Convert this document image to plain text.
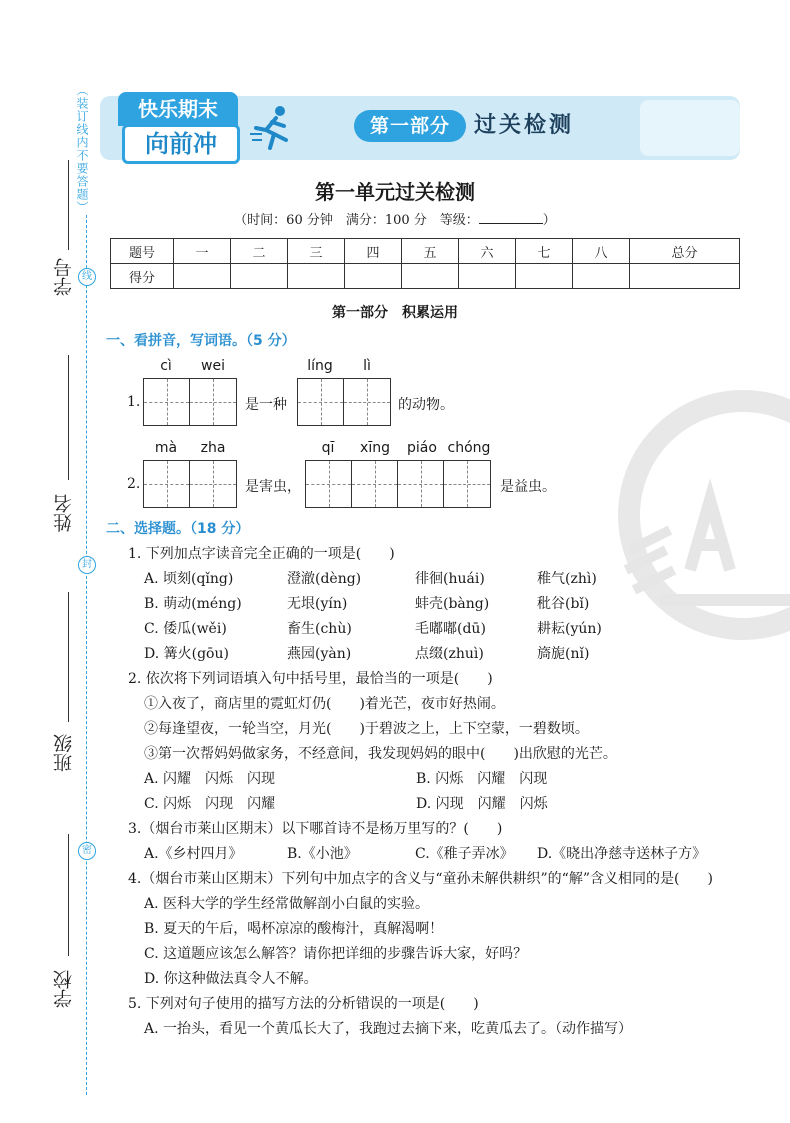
快乐期末
向前冲
第一部分	过关检测
（装订线内不要答题）
线
封
密
学号
姓名
班级
学校
第一单元过关检测
（时间：60 分钟　满分：100 分　等级：	）
题号	一	二	三	四	五	六	七	八	总分
得分									
第一部分　积累运用
一、看拼音，写词语。（5 分）
cì	wei	líng	lì
1.	是一种	的动物。
mà	zha	qī	xīng	piáo chóng
2.	是害虫，	是益虫。
二、选择题。（18 分）
1. 下列加点字读音完全正确的一项是(　　)
A. 顷刻(qǐng)	澄澈(dèng)	徘徊(huái)	稚气(zhì)
B. 萌动(méng)	无垠(yín)	蚌壳(bàng)	秕谷(bǐ)
C. 倭瓜(wěi)	畜生(chù)	毛嘟嘟(dū)	耕耘(yún)
D. 篝火(gōu)	燕园(yàn)	点缀(zhuì)	旖旎(nǐ)
2. 依次将下列词语填入句中括号里，最恰当的一项是(　　)
①入夜了，商店里的霓虹灯仍(　　)着光芒，夜市好热闹。
②每逢望夜，一轮当空，月光(　　)于碧波之上，上下空蒙，一碧数顷。
③第一次帮妈妈做家务，不经意间，我发现妈妈的眼中(　　)出欣慰的光芒。
A. 闪耀　闪烁　闪现	B. 闪烁　闪耀　闪现
C. 闪烁　闪现　闪耀	D. 闪现　闪耀　闪烁
3.（烟台市莱山区期末）以下哪首诗不是杨万里写的？(　　)
A.《乡村四月》	B.《小池》	C.《稚子弄冰》 D.《晓出净慈寺送林子方》
4.（烟台市莱山区期末）下列句中加点字的含义与“童孙未解供耕织”的“解”含义相同的是(　　)
A. 医科大学的学生经常做解剖小白鼠的实验。
B. 夏天的午后，喝杯凉凉的酸梅汁，真解渴啊！
C. 这道题应该怎么解答？请你把详细的步骤告诉大家，好吗？
D. 你这种做法真令人不解。
5. 下列对句子使用的描写方法的分析错误的一项是(　　)
A. 一抬头，看见一个黄瓜长大了，我跑过去摘下来，吃黄瓜去了。（动作描写）
